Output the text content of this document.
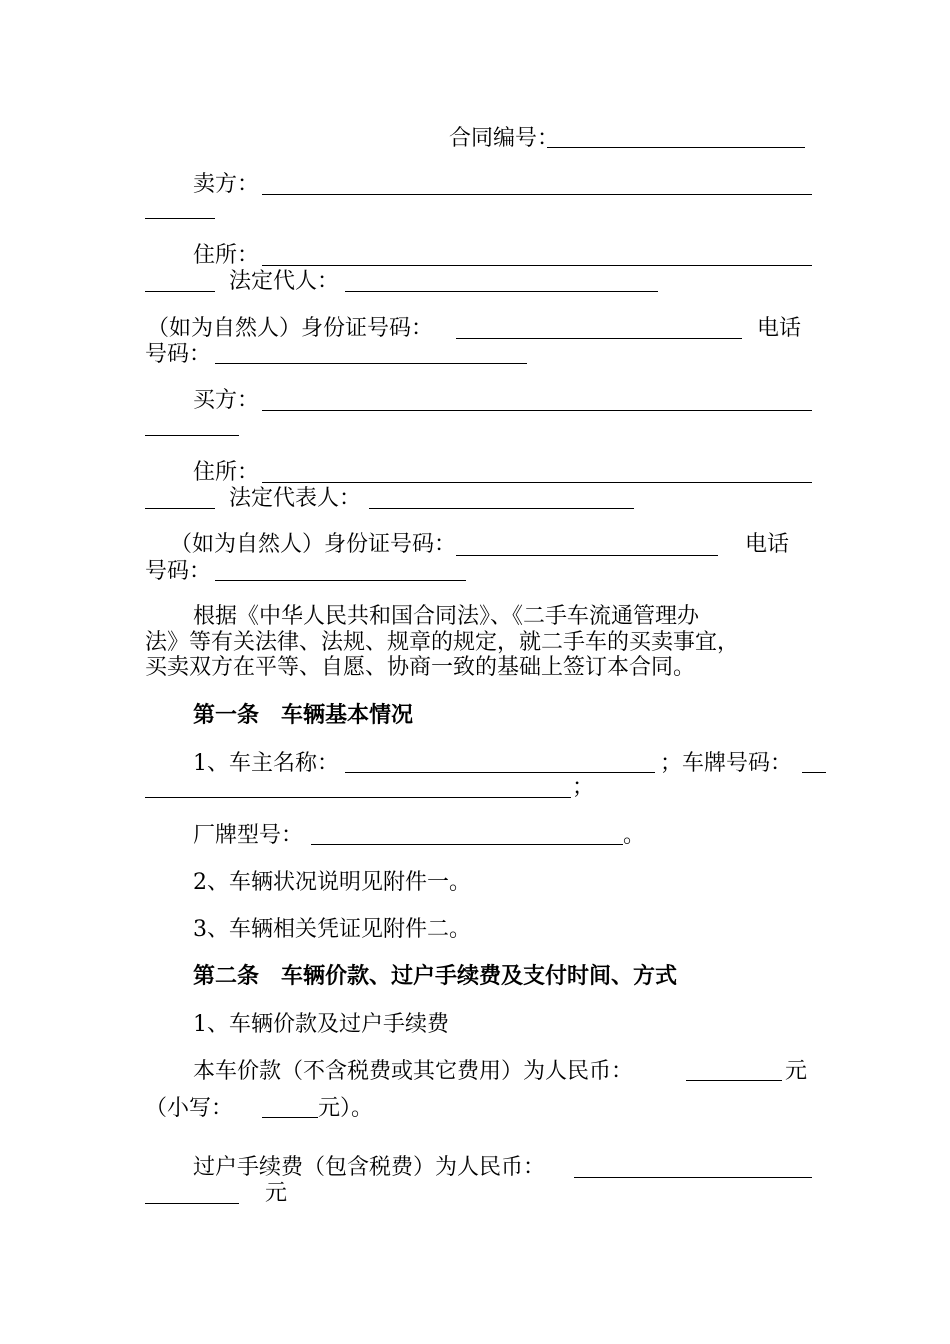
合同编号：
卖方：
住所：
法定代人：
（如为自然人）身份证号码：	电话
号码：
买方：
住所：
法定代表人：
（如为自然人）身份证号码：	电话
号码：
根据《中华人民共和国合同法》、《二手车流通管理办
法》等有关法律、法规、规章的规定，就二手车的买卖事宜，
买卖双方在平等、自愿、协商一致的基础上签订本合同。
第一条　车辆基本情况
1、车主名称：	；车牌号码：
；
厂牌型号：	。
2、车辆状况说明见附件一。
3、车辆相关凭证见附件二。
第二条　车辆价款、过户手续费及支付时间、方式
1、车辆价款及过户手续费
本车价款（不含税费或其它费用）为人民币：	元
（小写：	元）。
过户手续费（包含税费）为人民币：
元
